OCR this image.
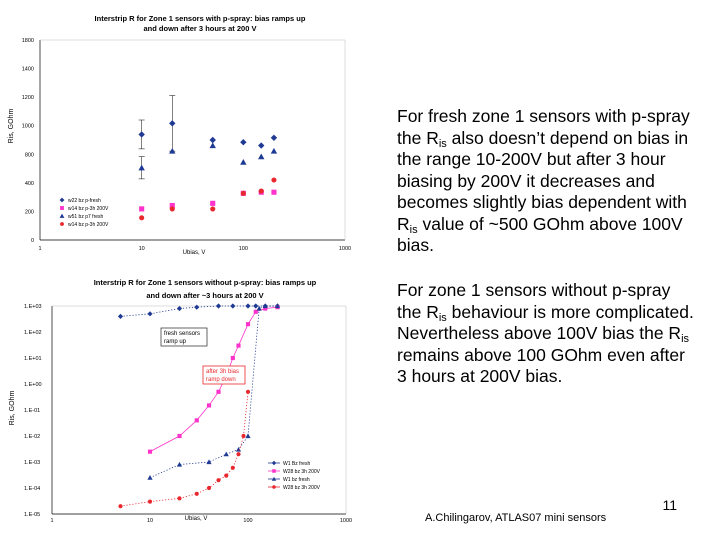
Interstrip R for Zone 1 sensors with p-spray: bias ramps up
and down after 3 hours at 200 V
Ris, GOhm
Ubias, V
1800
1400
1200
1000
800
400
200
0
1	10	100	1000
w22 bz p-fresh
w14 bz p-3h 200V
w51 bz p7 fresh
w14 bz p-3h 200V
Interstrip R for Zone 1 sensors without p-spray: bias ramps up
and down after ~3 hours at 200 V
Ris, GOhm
Ubias, V
1.E+03
1.E+02
1.E+01
1.E+00
1.E-01
1.E-02
1.E-03
1.E-04
1.E-05
1	10	100	1000
fresh sensors
ramp up
after 3h bias
ramp down
W1 Bz fresh
W28 bz 3h 200V
W1 bz fresh
W28 bz 3h 200V

For fresh zone 1 sensors with p-spray the $R_{is}$ also doesn’t depend on bias in the range 10-200V but after 3 hour biasing by 200V it decreases and becomes slightly bias dependent with $R_{is}$ value of ~500 GOhm above 100V bias.

For zone 1 sensors without p-spray the $R_{is}$ behaviour is more complicated. Nevertheless above 100V bias the $R_{is}$ remains above 100 GOhm even after 3 hours at 200V bias.

11
A.Chilingarov, ATLAS07 mini sensors
